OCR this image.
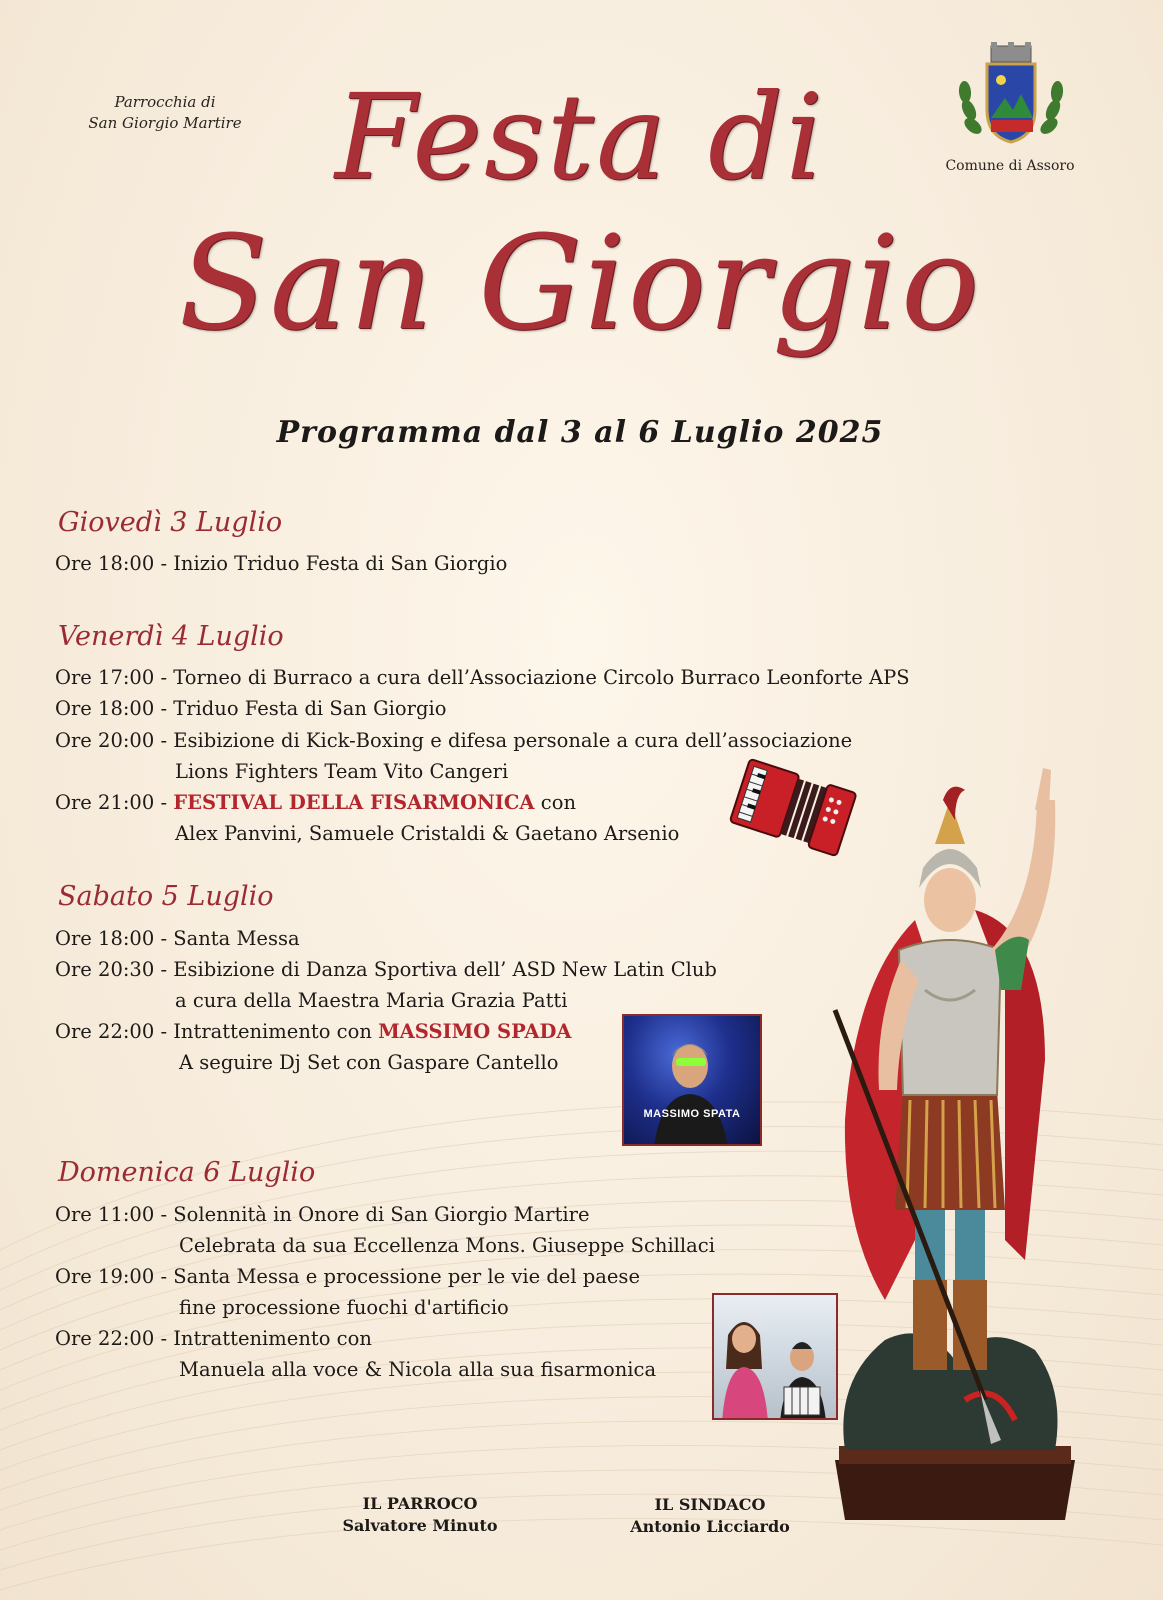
Parrocchia di
San Giorgio Martire Festa di
San Giorgio
Programma dal 3 al 6 Luglio 2025
Comune di Assoro
Giovedì 3 Luglio
Ore 18:00 - Inizio Triduo Festa di San Giorgio
Venerdì 4 Luglio
Ore 17:00 - Torneo di Burraco a cura dell’Associazione Circolo Burraco Leonforte APS
Ore 18:00 - Triduo Festa di San Giorgio
Ore 20:00 - Esibizione di Kick-Boxing e difesa personale a cura dell’associazione
Lions Fighters Team Vito Cangeri
Ore 21:00 - FESTIVAL DELLA FISARMONICA con
Alex Panvini, Samuele Cristaldi & Gaetano Arsenio
Sabato 5 Luglio
Ore 18:00 - Santa Messa
Ore 20:30 - Esibizione di Danza Sportiva dell’ ASD New Latin Club
a cura della Maestra Maria Grazia Patti
Ore 22:00 - Intrattenimento con MASSIMO SPADA
A seguire Dj Set con Gaspare Cantello
MASSIMO SPATA
Domenica 6 Luglio
Ore 11:00 - Solennità in Onore di San Giorgio Martire
Celebrata da sua Eccellenza Mons. Giuseppe Schillaci
Ore 19:00 - Santa Messa e processione per le vie del paese
fine processione fuochi d'artificio
Ore 22:00 - Intrattenimento con
Manuela alla voce & Nicola alla sua fisarmonica
IL PARROCO
Salvatore Minuto
IL SINDACO
Antonio Licciardo
